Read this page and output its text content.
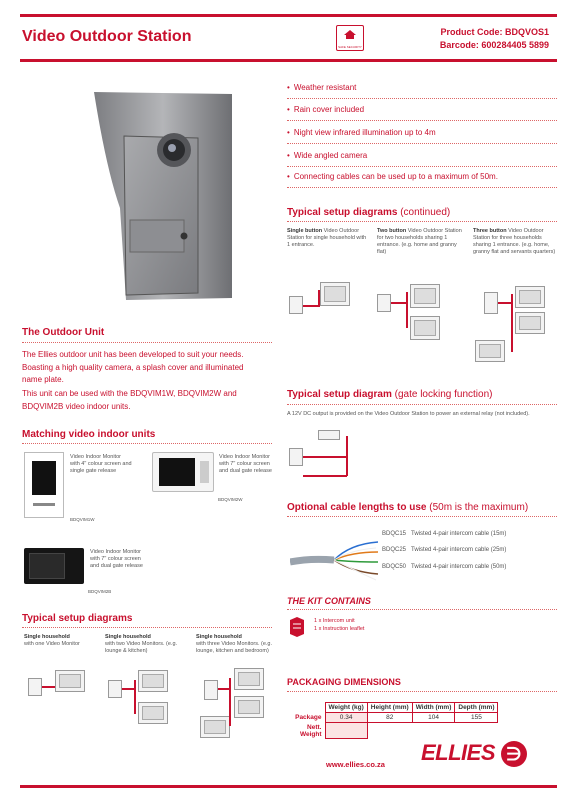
Video Outdoor Station
SAFE SECURITY
Product Code: BDQVOS1
Barcode: 600284405 5899
• Weather resistant
• Rain cover included
• Night view infrared illumination up to 4m
• Wide angled camera
• Connecting cables can be used up to a maximum of 50m.
Typical setup diagrams (continued)
Single button Video Outdoor Station for single household with 1 entrance.
Two button Video Outdoor Station for two households sharing 1 entrance. (e.g. home and granny flat)
Three button Video Outdoor Station for three households sharing 1 entrance. (e.g. home, granny flat and servants quarters)
The Outdoor Unit
The Ellies outdoor unit has been developed to suit your needs. Boasting a high quality camera, a splash cover and illuminated name plate.
This unit can be used with the BDQVIM1W, BDQVIM2W and BDQVIM2B video indoor units.
Typical setup diagram (gate locking function)
A 12V DC output is provided on the Video Outdoor Station to power an external relay (not included).
Matching video indoor units
Video Indoor Monitor with 4" colour screen and single gate release
BDQVIM1W
Video Indoor Monitor with 7" colour screen and dual gate release
BDQVIM2W
Video Indoor Monitor with 7" colour screen and dual gate release
BDQVIM2B
Optional cable lengths to use (50m is the maximum)
BDQC15 Twisted 4-pair intercom cable (15m)
BDQC25 Twisted 4-pair intercom cable (25m)
BDQC50 Twisted 4-pair intercom cable (50m)
THE KIT CONTAINS
1 x Intercom unit
1 x Instruction leaflet
Typical setup diagrams
Single household
with one Video Monitor
Single household
with two Video Monitors. (e.g. lounge & kitchen)
Single household
with three Video Monitors. (e.g. lounge, kitchen and bedroom)
PACKAGING DIMENSIONS
	Weight (kg)	Height (mm)	Width (mm)	Depth (mm)
Package	0.34	82	104	155
Nett. Weight				
www.ellies.co.za ELLIES ∋
